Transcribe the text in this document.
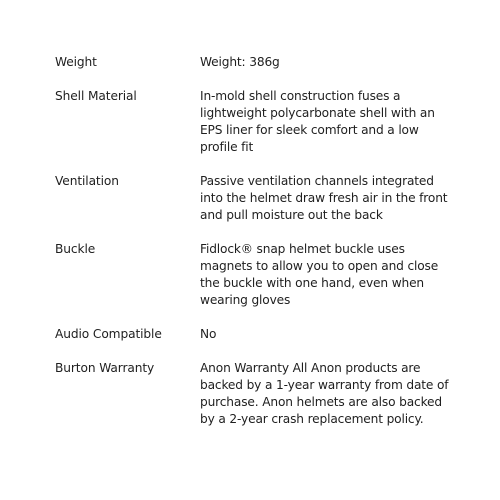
Weight	Weight: 386g
Shell Material	In-mold shell construction fuses a
lightweight polycarbonate shell with an
EPS liner for sleek comfort and a low
profile fit
Ventilation	Passive ventilation channels integrated
into the helmet draw fresh air in the front
and pull moisture out the back
Buckle	Fidlock® snap helmet buckle uses
magnets to allow you to open and close
the buckle with one hand, even when
wearing gloves
Audio Compatible	No
Burton Warranty	Anon Warranty All Anon products are
backed by a 1-year warranty from date of
purchase. Anon helmets are also backed
by a 2-year crash replacement policy.
